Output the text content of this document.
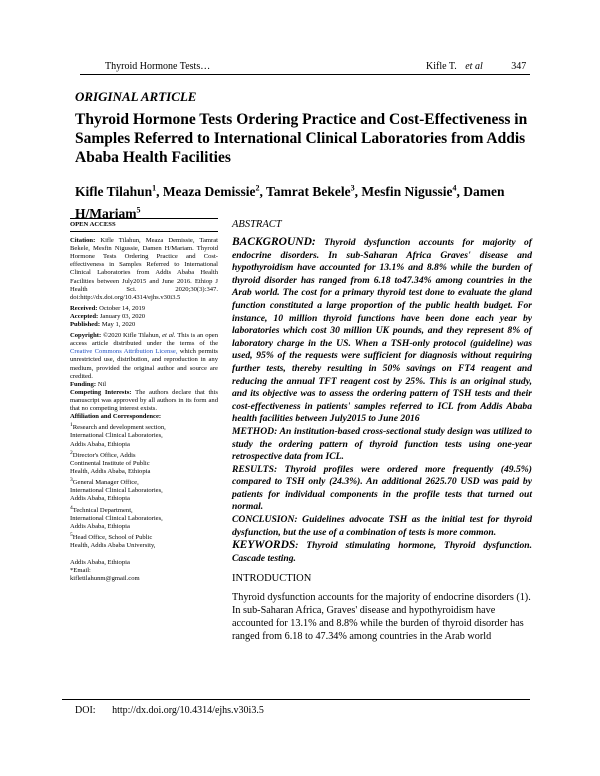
Thyroid Hormone Tests…	Kifle T. et al	347
ORIGINAL ARTICLE
Thyroid Hormone Tests Ordering Practice and Cost-Effectiveness in Samples Referred to International Clinical Laboratories from Addis Ababa Health Facilities
Kifle Tilahun$^1$, Meaza Demissie$^2$, Tamrat Bekele$^3$, Mesfin Nigussie$^4$, Damen H/Mariam$^5$
OPEN ACCESS

Citation: Kifle Tilahun, Meaza Demissie, Tamrat Bekele, Mesfin Nigussie, Damen H/Mariam. Thyroid Hormone Tests Ordering Practice and Cost-effectiveness in Samples Referred to International Clinical Laboratories from Addis Ababa Health Facilities between July2015 and June 2016. Ethiop J Health Sci. 2020;30(3):347. doi:http://dx.doi.org/10.4314/ejhs.v30i3.5

Received: October 14, 2019

Accepted: January 03, 2020

Published: May 1, 2020

Copyright: ©2020 Kifle Tilahun, et al. This is an open access article distributed under the terms of the Creative Commons Attribution License, which permits unrestricted use, distribution, and reproduction in any medium, provided the original author and source are credited.

Funding: Nil

Competing Interests: The authors declare that this manuscript was approved by all authors in its form and that no competing interest exists.

Affiliation and Correspondence:

$^1$Research and development section,
International Clinical Laboratories,
Addis Ababa, Ethiopia
$^2$Director's Office, Addis
Continental Institute of Public
Health, Addis Ababa, Ethiopia
$^3$General Manager Office,
International Clinical Laboratories,
Addis Ababa, Ethiopia
$^4$Technical Department,
International Clinical Laboratories,
Addis Ababa, Ethiopia
$^5$Head Office, School of Public
Health, Addis Ababa University,

Addis Ababa, Ethiopia
*Email:
kifletilahunm@gmail.com
ABSTRACT

BACKGROUND: Thyroid dysfunction accounts for majority of endocrine disorders. In sub-Saharan Africa Graves' disease and hypothyroidism have accounted for 13.1% and 8.8% while the burden of thyroid disorder has ranged from 6.18 to47.34% among countries in the Arab world. The cost for a primary thyroid test done to evaluate the gland function constituted a large proportion of the public health budget. For instance, 10 million thyroid functions have been done each year by laboratories which cost 30 million UK pounds, and they represent 8% of laboratory charge in the US. When a TSH-only protocol (guideline) was used, 95% of the requests were sufficient for diagnosis without requiring further tests, thereby resulting in 50% savings on FT4 reagent and reducing the annual TFT reagent cost by 25%. This is an original study, and its objective was to assess the ordering pattern of TSH tests and their cost-effectiveness in patients' samples referred to ICL from Addis Ababa health facilities between July2015 to June 2016

METHOD: An institution-based cross-sectional study design was utilized to study the ordering pattern of thyroid function tests using one-year retrospective data from ICL.

RESULTS: Thyroid profiles were ordered more frequently (49.5%) compared to TSH only (24.3%). An additional 2625.70 USD was paid by patients for individual components in the profile tests that turned out normal.

CONCLUSION: Guidelines advocate TSH as the initial test for thyroid dysfunction, but the use of a combination of tests is more common.

KEYWORDS: Thyroid stimulating hormone, Thyroid dysfunction. Cascade testing.

INTRODUCTION
Thyroid dysfunction accounts for the majority of endocrine disorders (1). In sub-Saharan Africa, Graves' disease and hypothyroidism have accounted for 13.1% and 8.8% while the burden of thyroid disorder has ranged from 6.18 to 47.34% among countries in the Arab world
DOI: http://dx.doi.org/10.4314/ejhs.v30i3.5
